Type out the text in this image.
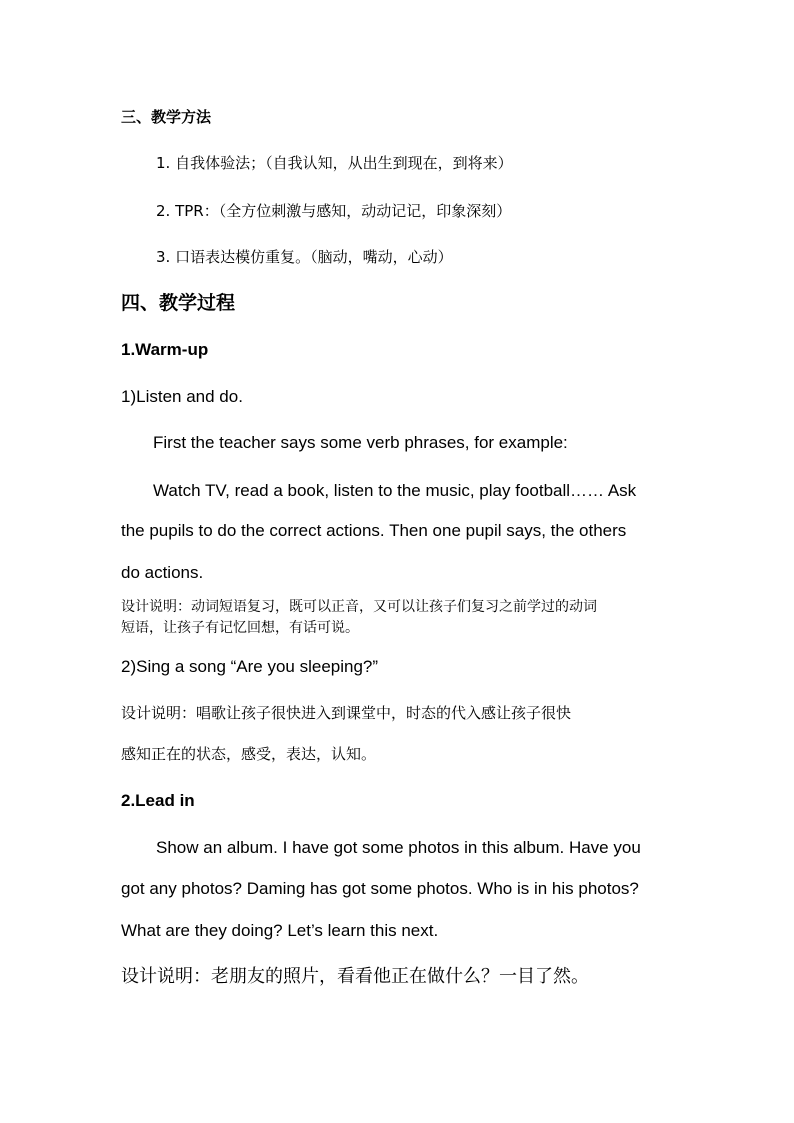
三、教学方法

1. 自我体验法；（自我认知，从出生到现在，到将来）

2. TPR：（全方位刺激与感知，动动记记，印象深刻）

3. 口语表达模仿重复。（脑动，嘴动，心动）

四、教学过程

1.Warm-up

1)Listen and do.

First the teacher says some verb phrases, for example:

Watch TV, read a book, listen to the music, play football…… Ask

the pupils to do the correct actions. Then one pupil says, the others

do actions.

设计说明：动词短语复习，既可以正音，又可以让孩子们复习之前学过的动词

短语，让孩子有记忆回想，有话可说。

2)Sing a song “Are you sleeping?”

设计说明：唱歌让孩子很快进入到课堂中，时态的代入感让孩子很快

感知正在的状态，感受，表达，认知。

2.Lead in

Show an album. I have got some photos in this album. Have you

got any photos? Daming has got some photos. Who is in his photos?

What are they doing? Let’s learn this next.

设计说明：老朋友的照片，看看他正在做什么？一目了然。
